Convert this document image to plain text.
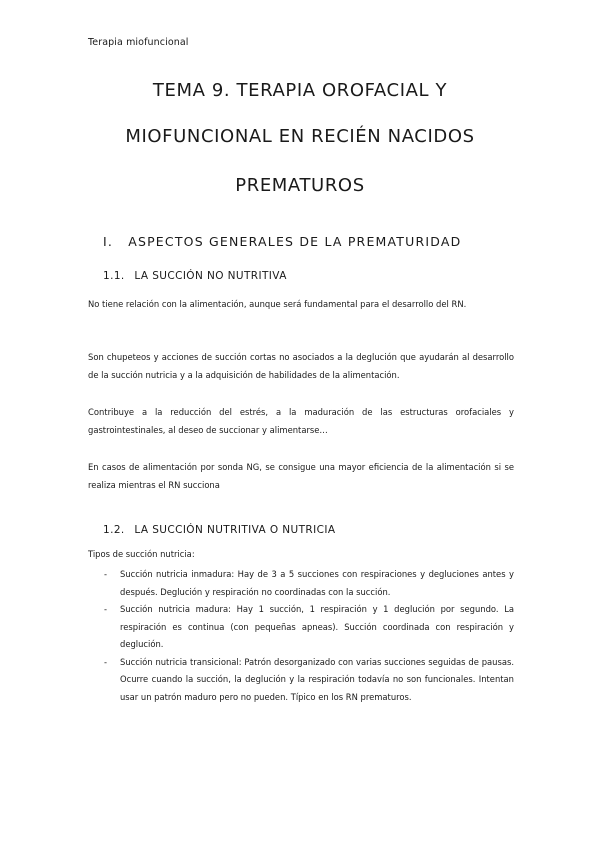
Terapia miofuncional
TEMA 9. TERAPIA OROFACIAL Y
MIOFUNCIONAL EN RECIÉN NACIDOS
PREMATUROS
I. ASPECTOS GENERALES DE LA PREMATURIDAD
1.1. LA SUCCIÓN NO NUTRITIVA

No tiene relación con la alimentación, aunque será fundamental para el desarrollo del RN.

Son chupeteos y acciones de succión cortas no asociados a la deglución que ayudarán al desarrollo de la succión nutricia y a la adquisición de habilidades de la alimentación.

Contribuye a la reducción del estrés, a la maduración de las estructuras orofaciales y gastrointestinales, al deseo de succionar y alimentarse…

En casos de alimentación por sonda NG, se consigue una mayor eficiencia de la alimentación si se realiza mientras el RN succiona

1.2. LA SUCCIÓN NUTRITIVA O NUTRICIA

Tipos de succión nutricia:

- Succión nutricia inmadura: Hay de 3 a 5 succiones con respiraciones y degluciones antes y después. Deglución y respiración no coordinadas con la succión.
- Succión nutricia madura: Hay 1 succión, 1 respiración y 1 deglución por segundo. La respiración es continua (con pequeñas apneas). Succión coordinada con respiración y deglución.
- Succión nutricia transicional: Patrón desorganizado con varias succiones seguidas de pausas. Ocurre cuando la succión, la deglución y la respiración todavía no son funcionales. Intentan usar un patrón maduro pero no pueden. Típico en los RN prematuros.
